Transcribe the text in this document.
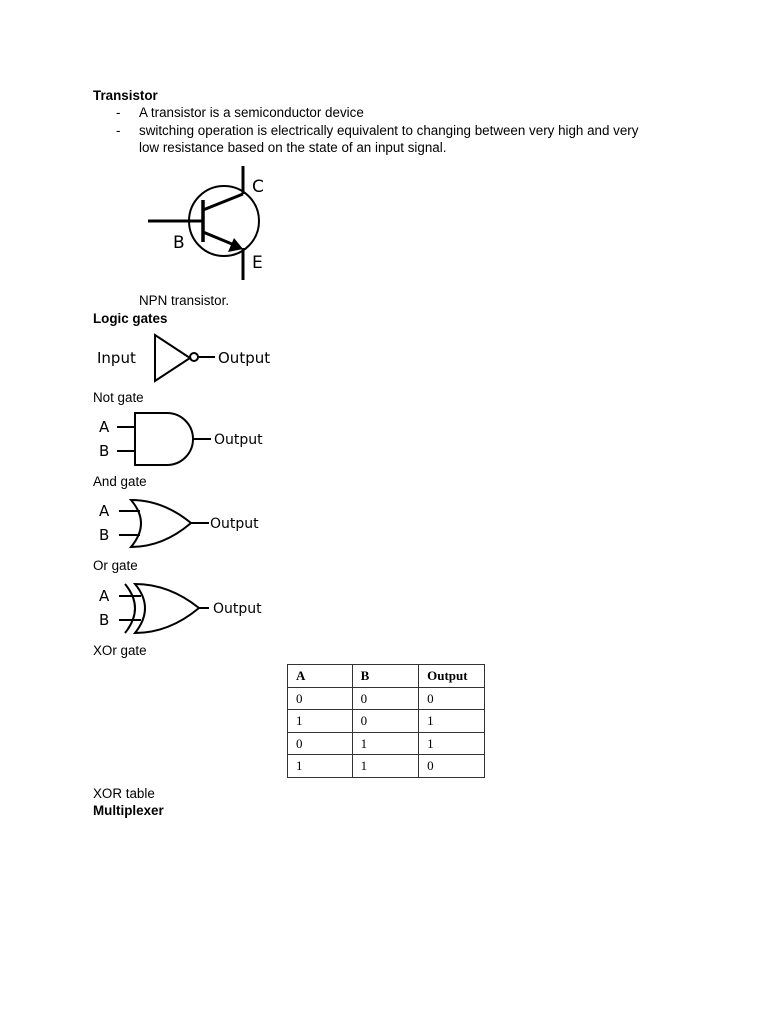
Transistor
- A transistor is a semiconductor device
- switching operation is electrically equivalent to changing between very high and very
low resistance based on the state of an input signal.
C
B
E
NPN transistor.
Logic gates
Input	Output
Not gate
A
B
Output
And gate
A
B
Output
Or gate
A
B
Output
XOr gate
A	B	Output
0	0	0
1	0	1
0	1	1
1	1	0
XOR table
Multiplexer
